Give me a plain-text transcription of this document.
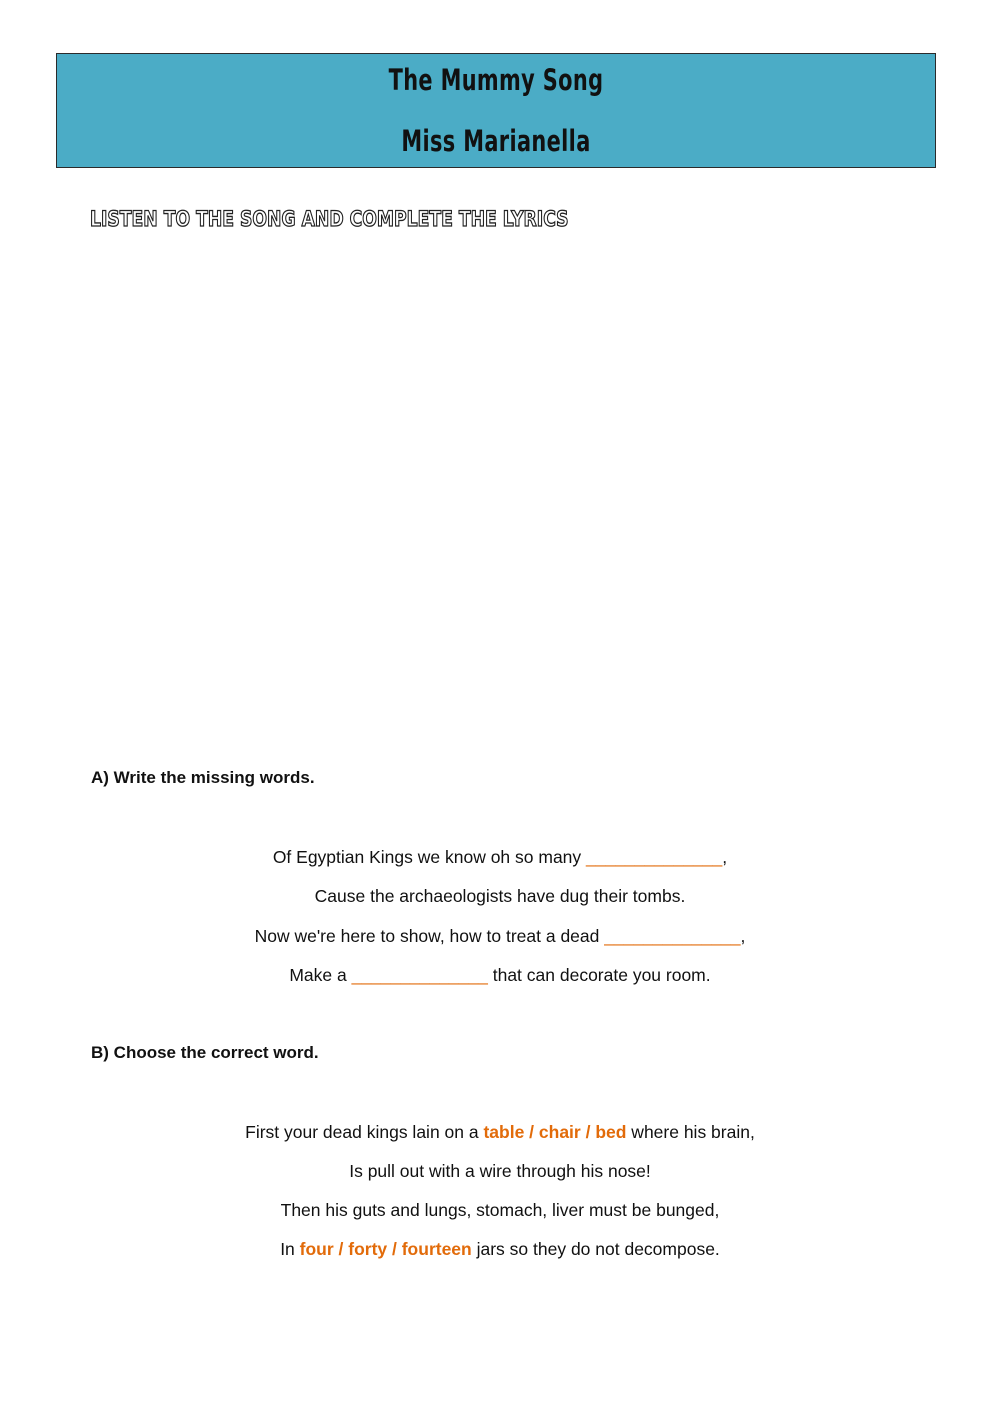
The Mummy Song
Miss Marianella
LISTEN TO THE SONG AND COMPLETE THE LYRICS
A) Write the missing words.
Of Egyptian Kings we know oh so many ______________,
Cause the archaeologists have dug their tombs.
Now we're here to show, how to treat a dead ______________,
Make a ______________ that can decorate you room.
B) Choose the correct word.
First your dead kings lain on a table / chair / bed where his brain,
Is pull out with a wire through his nose!
Then his guts and lungs, stomach, liver must be bunged,
In four / forty / fourteen jars so they do not decompose.
